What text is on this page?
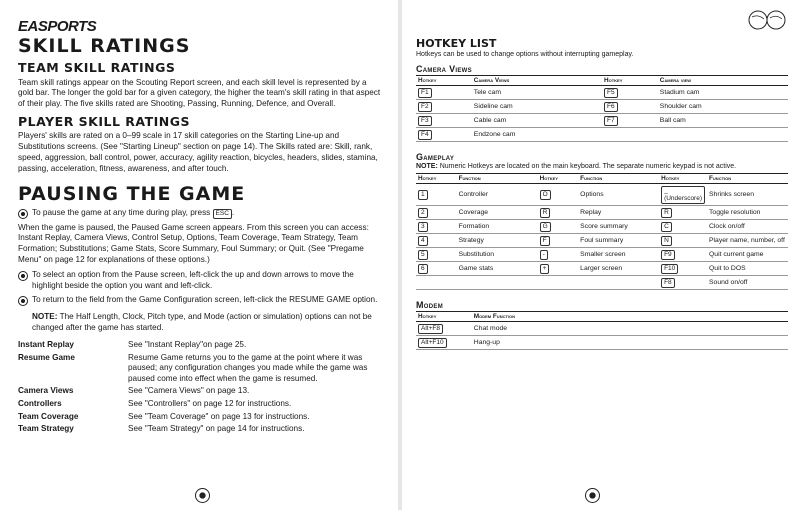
EASPORTS
SKILL RATINGS
TEAM SKILL RATINGS

Team skill ratings appear on the Scouting Report screen, and each skill level is represented by a gold bar. The longer the gold bar for a given category, the higher the team's skill rating in that aspect of their play. The five skills rated are Shooting, Passing, Running, Defence, and Overall.

PLAYER SKILL RATINGS

Players' skills are rated on a 0–99 scale in 17 skill categories on the Starting Line-up and Substitutions screens. (See "Starting Lineup" section on page 14). The Skills rated are: Skill, rank, speed, aggression, ball control, power, accuracy, agility reaction, bicycles, headers, slides, stamina, passing, acceleration, fitness, awareness, and after touch.

PAUSING THE GAME
To pause the game at any time during play, press ESC .

When the game is paused, the Paused Game screen appears. From this screen you can access: Instant Replay, Camera Views, Control Setup, Options, Team Coverage, Team Strategy, Team Formation; Substitutions; Game Stats, Score Summary, Foul Summary; or Quit. (See "Pregame Menu" on page 12 for explanations of these options.)

To select an option from the Pause screen, left-click the up and down arrows to move the highlight beside the option you want and left-click.
To return to the field from the Game Configuration screen, left-click the RESUME GAME option.

NOTE: The Half Length, Clock, Pitch type, and Mode (action or simulation) options can not be changed after the game has started.

Instant Replay	See "Instant Replay"on page 25.
Resume Game	Resume Game returns you to the game at the point where it was paused; any configuration changes you made while the game was paused come into effect when the game is resumed.
Camera Views	See "Camera Views" on page 13.
Controllers	See "Controllers" on page 12 for instructions.
Team Coverage	See "Team Coverage" on page 13 for instructions.
Team Strategy	See "Team Strategy" on page 14 for instructions.
HOTKEY LIST
Hotkeys can be used to change options without interrupting gameplay.
Camera Views
Hotkey	Camera Views	Hotkey	Camera view
F1	Tele cam	F5	Stadium cam
F2	Sideline cam	F6	Shoulder cam
F3	Cable cam	F7	Ball cam
F4	Endzone cam		
Gameplay
NOTE: Numeric Hotkeys are located on the main keyboard. The separate numeric keypad is not active.
Hotkey	Function	Hotkey	Function	Hotkey	Function
1	Controller	O	Options	_ (Underscore)	Shrinks screen
2	Coverage	R	Replay	R	Toggle resolution
3	Formation	G	Score summary	C	Clock on/off
4	Strategy	F	Foul summary	N	Player name, number, off
5	Substitution	-	Smaller screen	F9	Quit current game
6	Game stats	+	Larger screen	F10	Quit to DOS
				F8	Sound on/off
Modem
Hotkey	Modem Function
Alt+F8	Chat mode
Alt+F10	Hang-up
